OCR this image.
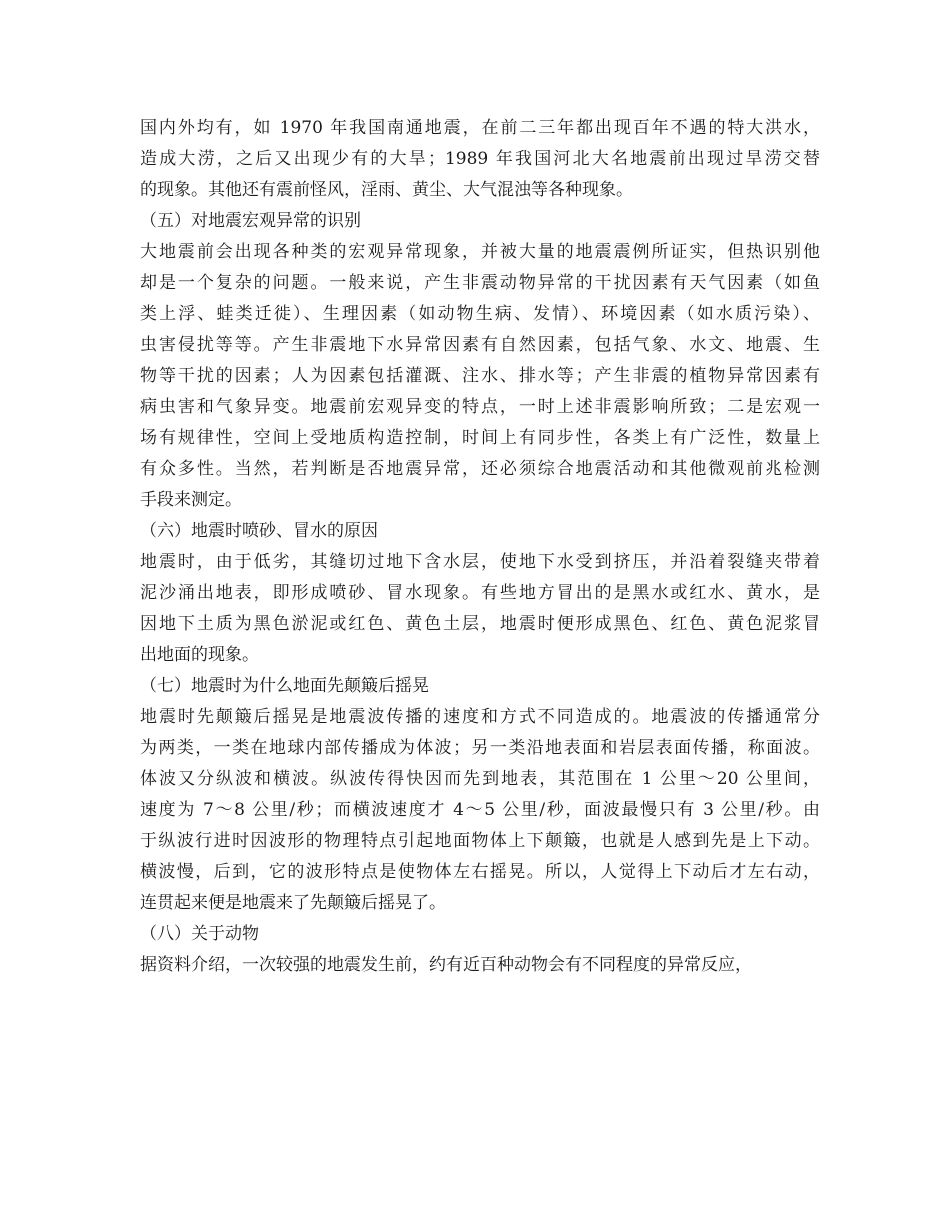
国内外均有，如 1970 年我国南通地震，在前二三年都出现百年不遇的特大洪水，
造成大涝，之后又出现少有的大旱；1989 年我国河北大名地震前出现过旱涝交替
的现象。其他还有震前怪风，淫雨、黄尘、大气混浊等各种现象。
（五）对地震宏观异常的识别
大地震前会出现各种类的宏观异常现象，并被大量的地震震例所证实，但热识别他
却是一个复杂的问题。一般来说，产生非震动物异常的干扰因素有天气因素（如鱼
类上浮、蛙类迁徙）、生理因素（如动物生病、发情）、环境因素（如水质污染）、
虫害侵扰等等。产生非震地下水异常因素有自然因素，包括气象、水文、地震、生
物等干扰的因素；人为因素包括灌溉、注水、排水等；产生非震的植物异常因素有
病虫害和气象异变。地震前宏观异变的特点，一时上述非震影响所致；二是宏观一
场有规律性，空间上受地质构造控制，时间上有同步性，各类上有广泛性，数量上
有众多性。当然，若判断是否地震异常，还必须综合地震活动和其他微观前兆检测
手段来测定。
（六）地震时喷砂、冒水的原因
地震时，由于低劣，其缝切过地下含水层，使地下水受到挤压，并沿着裂缝夹带着
泥沙涌出地表，即形成喷砂、冒水现象。有些地方冒出的是黑水或红水、黄水，是
因地下土质为黑色淤泥或红色、黄色土层，地震时便形成黑色、红色、黄色泥浆冒
出地面的现象。
（七）地震时为什么地面先颠簸后摇晃
地震时先颠簸后摇晃是地震波传播的速度和方式不同造成的。地震波的传播通常分
为两类，一类在地球内部传播成为体波；另一类沿地表面和岩层表面传播，称面波。
体波又分纵波和横波。纵波传得快因而先到地表，其范围在 1 公里～20 公里间，
速度为 7～8 公里/秒；而横波速度才 4～5 公里/秒，面波最慢只有 3 公里/秒。由
于纵波行进时因波形的物理特点引起地面物体上下颠簸，也就是人感到先是上下动。
横波慢，后到，它的波形特点是使物体左右摇晃。所以，人觉得上下动后才左右动，
连贯起来便是地震来了先颠簸后摇晃了。
（八）关于动物
据资料介绍，一次较强的地震发生前，约有近百种动物会有不同程度的异常反应，
